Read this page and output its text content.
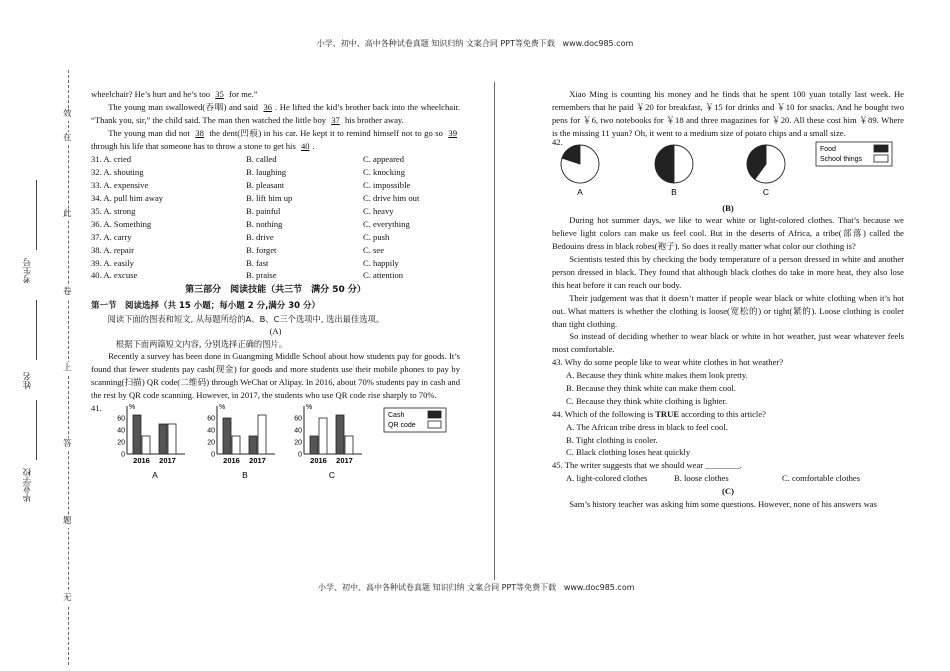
小学、初中、高中各种试卷真题 知识归纳 文案合同 PPT等免费下载 www.doc985.com
效
在
此
卷
上
答
题
无
考生号
姓名
毕业学校

wheelchair? He’s hurt and he’s too 35 for me.”

The young man swallowed(吞咽) and said 36 . He lifted the kid’s brother back into the wheelchair. “Thank you, sir,” the child said. The man then watched the little boy 37 his brother away.

The young man did not 38 the dent(凹痕) in his car. He kept it to remind himself not to go so 39 through his life that someone has to throw a stone to get his 40 .

31. A. cried	B. called	C. appeared
32. A. shouting	B. laughing	C. knocking
33. A. expensive	B. pleasant	C. impossible
34. A. pull him away	B. lift him up	C. drive him out
35. A. strong	B. painful	C. heavy
36. A. Something	B. nothing	C. everything
37. A. carry	B. drive	C. push
38. A. repair	B. forget	C. see
39. A. easily	B. fast	C. happily
40. A. excuse	B. praise	C. attention
第三部分　阅读技能（共三节　满分 50 分）
第一节　阅读选择（共 15 小题；每小题 2 分,满分 30 分）

阅读下面的图表和短文, 从每题所给的A、B、C三个选项中, 选出最佳选项。

(A)

根据下面两篇短文内容, 分别选择正确的图片。

Recently a survey has been done in Guangming Middle School about how students pay for goods. It’s found that fewer students pay cash(现金) for goods and more students use their mobile phones to pay by scanning(扫描) QR code(二维码) through WeChat or Alipay. In 2016, about 70% students pay in cash and the rest by QR code scanning. However, in 2017, the students who use QR code rise sharply to 70%.

41.	%
0
20
40
60
2016 2017
A
%
0
20
40
60
2016 2017
B
%
0
20
40
60
2016 2017
C
Cash
QR code

Xiao Ming is counting his money and he finds that he spent 100 yuan totally last week. He remembers that he paid ￥20 for breakfast, ￥15 for drinks and ￥10 for snacks. And he bought two pens for ￥6, two notebooks for ￥18 and three magazines for ￥20. All these cost him ￥89. Where is the missing 11 yuan? Oh, it went to a medium size of potato chips and a small size.

42.
A	B	C
Food
School things
(B)

During hot summer days, we like to wear white or light-colored clothes. That’s because we believe light colors can make us feel cool. But in the deserts of Africa, a tribe(部落) called the Bedouins dress in black robes(袍子). So does it really matter what color our clothing is?

Scientists tested this by checking the body temperature of a person dressed in white and another person dressed in black. They found that although black clothes do take in more heat, they also lose this heat before it can reach our body.

Their judgement was that it doesn’t matter if people wear black or white clothing when it’s hot out. What matters is whether the clothing is loose(宽松的) or tight(紧的). Loose clothing is cooler than tight clothing.

So instead of deciding whether to wear black or white in hot weather, just wear whatever feels most comfortable.

43. Why do some people like to wear white clothes in hot weather?

A. Because they think white makes them look pretty.

B. Because they think white can make them cool.

C. Because they think white clothing is lighter.

44. Which of the following is TRUE according to this article?

A. The African tribe dress in black to feel cool.

B. Tight clothing is cooler.

C. Black clothing loses heat quickly

45. The writer suggests that we should wear ________.

A. light-colored clothes	B. loose clothes	C. comfortable clothes
(C)

Sam’s history teacher was asking him some questions. However, none of his answers was

小学、初中、高中各种试卷真题 知识归纳 文案合同 PPT等免费下载 www.doc985.com
